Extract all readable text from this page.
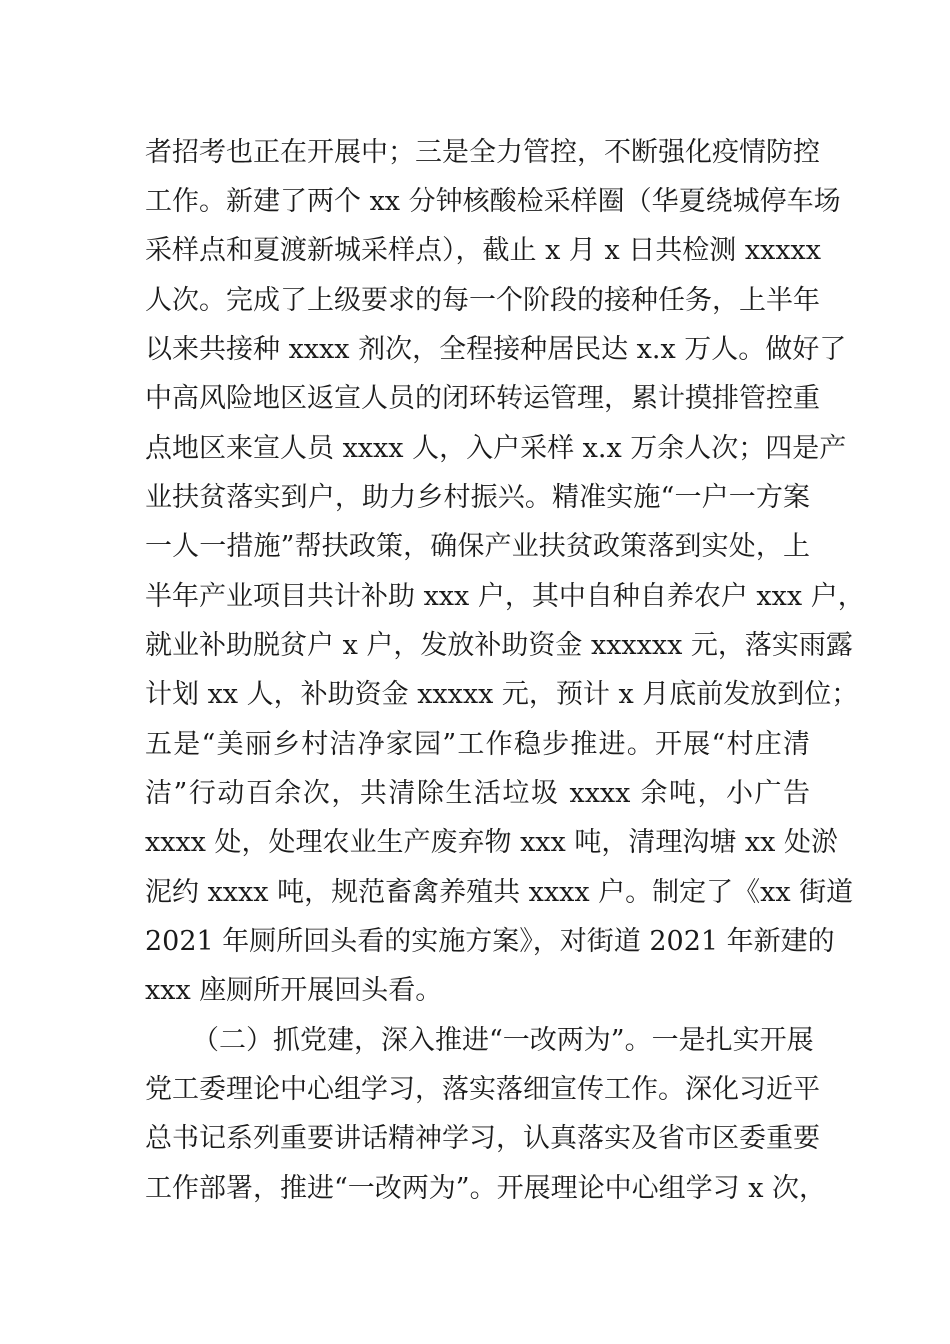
者招考也正在开展中；三是全力管控，不断强化疫情防控

工作。新建了两个 xx 分钟核酸检采样圈（华夏绕城停车场

采样点和夏渡新城采样点），截止 x 月 x 日共检测 xxxxx

人次。完成了上级要求的每一个阶段的接种任务，上半年

以来共接种 xxxx 剂次，全程接种居民达 x.x 万人。做好了

中高风险地区返宣人员的闭环转运管理，累计摸排管控重

点地区来宣人员 xxxx 人，入户采样 x.x 万余人次；四是产

业扶贫落实到户，助力乡村振兴。精准实施“一户一方案

一人一措施”帮扶政策，确保产业扶贫政策落到实处，上

半年产业项目共计补助 xxx 户，其中自种自养农户 xxx 户，

就业补助脱贫户 x 户，发放补助资金 xxxxxx 元，落实雨露

计划 xx 人，补助资金 xxxxx 元，预计 x 月底前发放到位；

五是“美丽乡村洁净家园”工作稳步推进。开展“村庄清

洁”行动百余次，共清除生活垃圾 xxxx 余吨，小广告

xxxx 处，处理农业生产废弃物 xxx 吨，清理沟塘 xx 处淤

泥约 xxxx 吨，规范畜禽养殖共 xxxx 户。制定了《xx 街道

2021 年厕所回头看的实施方案》，对街道 2021 年新建的

xxx 座厕所开展回头看。

（二）抓党建，深入推进“一改两为”。一是扎实开展

党工委理论中心组学习，落实落细宣传工作。深化习近平

总书记系列重要讲话精神学习，认真落实及省市区委重要

工作部署，推进“一改两为”。开展理论中心组学习 x 次，
